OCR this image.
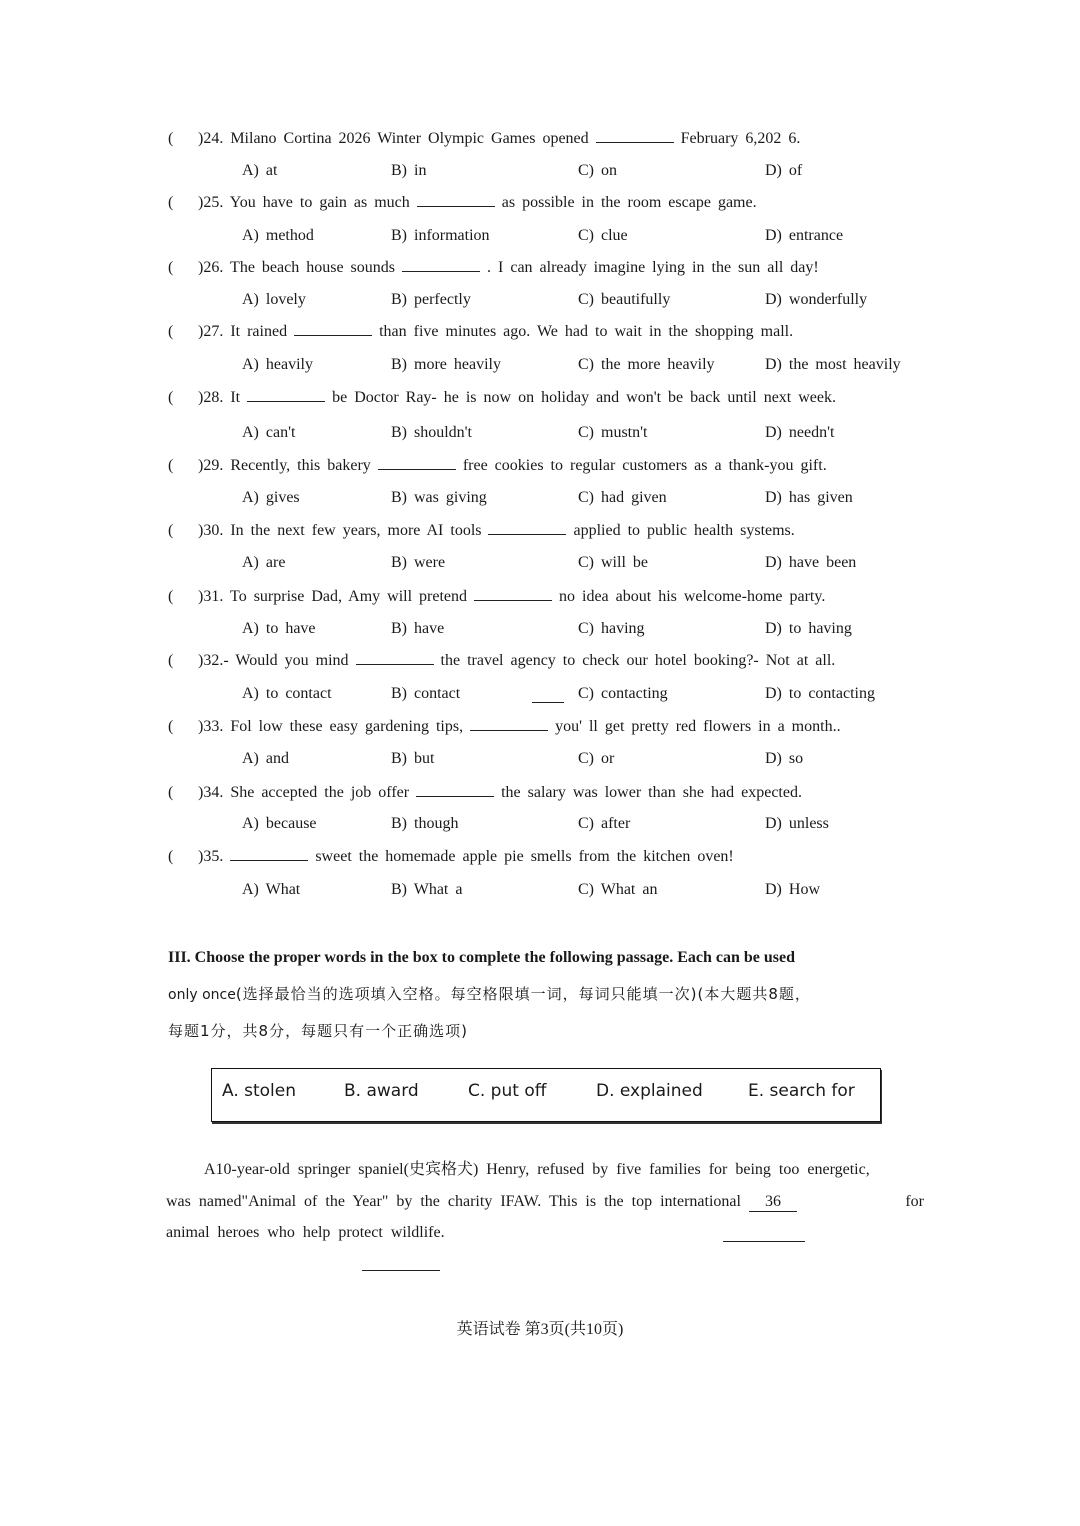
( )24. Milano Cortina 2026 Winter Olympic Games opened	February 6,202 6.
A) at	B) in	C) on	D) of
( )25. You have to gain as much	as possible in the room escape game.
A) method	B) information	C) clue	D) entrance
( )26. The beach house sounds	. I can already imagine lying in the sun all day!
A) lovely	B) perfectly	C) beautifully	D) wonderfully
( )27. It rained	than five minutes ago. We had to wait in the shopping mall.
A) heavily	B) more heavily	C) the more heavily	D) the most heavily
( )28. It	be Doctor Ray- he is now on holiday and won't be back until next week.
A) can't	B) shouldn't	C) mustn't	D) needn't
( )29. Recently, this bakery	free cookies to regular customers as a thank-you gift.
A) gives	B) was giving	C) had given	D) has given
( )30. In the next few years, more AI tools	applied to public health systems.
A) are	B) were	C) will be	D) have been
( )31. To surprise Dad, Amy will pretend	no idea about his welcome-home party.
A) to have	B) have	C) having	D) to having
( )32.- Would you mind	the travel agency to check our hotel booking?- Not at all.
A) to contact	B) contact	C) contacting	D) to contacting
( )33. Fol low these easy gardening tips,	you' ll get pretty red flowers in a month..
A) and	B) but	C) or	D) so
( )34. She accepted the job offer	the salary was lower than she had expected.
A) because	B) though	C) after	D) unless
( )35.	sweet the homemade apple pie smells from the kitchen oven!
A) What	B) What a	C) What an	D) How
III. Choose the proper words in the box to complete the following passage. Each can be used
only once(选择最恰当的选项填入空格。每空格限填一词，每词只能填一次)(本大题共8题，
每题1分，共8分，每题只有一个正确选项)
A. stolen	B. award	C. put off	D. explained	E. search for
A10-year-old springer spaniel(史宾格犬) Henry, refused by five families for being too energetic,
was named"Animal of the Year" by the charity IFAW. This is the top international 36	for
animal heroes who help protect wildlife.
英语试卷 第3页(共10页)
